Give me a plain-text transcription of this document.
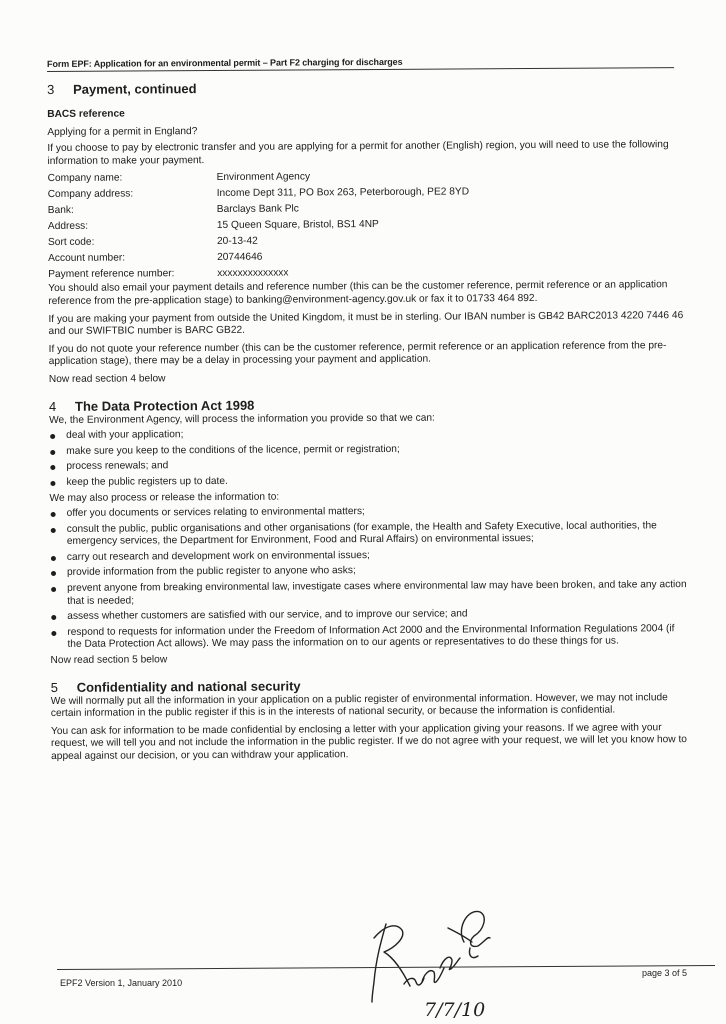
Form EPF: Application for an environmental permit – Part F2 charging for discharges
3 Payment, continued

BACS reference

Applying for a permit in England?

If you choose to pay by electronic transfer and you are applying for a permit for another (English) region, you will need to use the following information to make your payment.

Company name:	Environment Agency
Company address:	Income Dept 311, PO Box 263, Peterborough, PE2 8YD
Bank:	Barclays Bank Plc
Address:	15 Queen Square, Bristol, BS1 4NP
Sort code:	20-13-42
Account number:	20744646
Payment reference number:	xxxxxxxxxxxxxx

You should also email your payment details and reference number (this can be the customer reference, permit reference or an application reference from the pre-application stage) to banking@environment-agency.gov.uk or fax it to 01733 464 892.

If you are making your payment from outside the United Kingdom, it must be in sterling. Our IBAN number is GB42 BARC2013 4220 7446 46 and our SWIFTBIC number is BARC GB22.

If you do not quote your reference number (this can be the customer reference, permit reference or an application reference from the pre-application stage), there may be a delay in processing your payment and application.

Now read section 4 below

4 The Data Protection Act 1998

We, the Environment Agency, will process the information you provide so that we can:

deal with your application;
make sure you keep to the conditions of the licence, permit or registration;
process renewals; and
keep the public registers up to date.

We may also process or release the information to:

offer you documents or services relating to environmental matters;
consult the public, public organisations and other organisations (for example, the Health and Safety Executive, local authorities, the emergency services, the Department for Environment, Food and Rural Affairs) on environmental issues;
carry out research and development work on environmental issues;
provide information from the public register to anyone who asks;
prevent anyone from breaking environmental law, investigate cases where environmental law may have been broken, and take any action that is needed;
assess whether customers are satisfied with our service, and to improve our service; and
respond to requests for information under the Freedom of Information Act 2000 and the Environmental Information Regulations 2004 (if the Data Protection Act allows). We may pass the information on to our agents or representatives to do these things for us.

Now read section 5 below

5 Confidentiality and national security

We will normally put all the information in your application on a public register of environmental information. However, we may not include certain information in the public register if this is in the interests of national security, or because the information is confidential.

You can ask for information to be made confidential by enclosing a letter with your application giving your reasons. If we agree with your request, we will tell you and not include the information in the public register. If we do not agree with your request, we will let you know how to appeal against our decision, or you can withdraw your application.

7/7/10
EPF2 Version 1, January 2010
page 3 of 5
